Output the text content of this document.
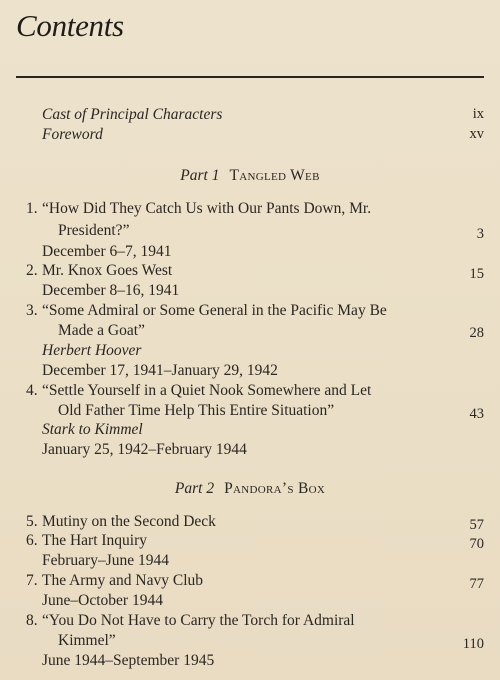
Contents
Cast of Principal Characters	ix
Foreword	xv
Part 1 Tangled Web
1. “How Did They Catch Us with Our Pants Down, Mr.
President?”	3
December 6–7, 1941
2. Mr. Knox Goes West	15
December 8–16, 1941
3. “Some Admiral or Some General in the Pacific May Be
Made a Goat”	28
Herbert Hoover
December 17, 1941–January 29, 1942
4. “Settle Yourself in a Quiet Nook Somewhere and Let
Old Father Time Help This Entire Situation”	43
Stark to Kimmel
January 25, 1942–February 1944
Part 2 Pandora’s Box
5. Mutiny on the Second Deck	57
6. The Hart Inquiry	70
February–June 1944
7. The Army and Navy Club	77
June–October 1944
8. “You Do Not Have to Carry the Torch for Admiral
Kimmel”	110
June 1944–September 1945
